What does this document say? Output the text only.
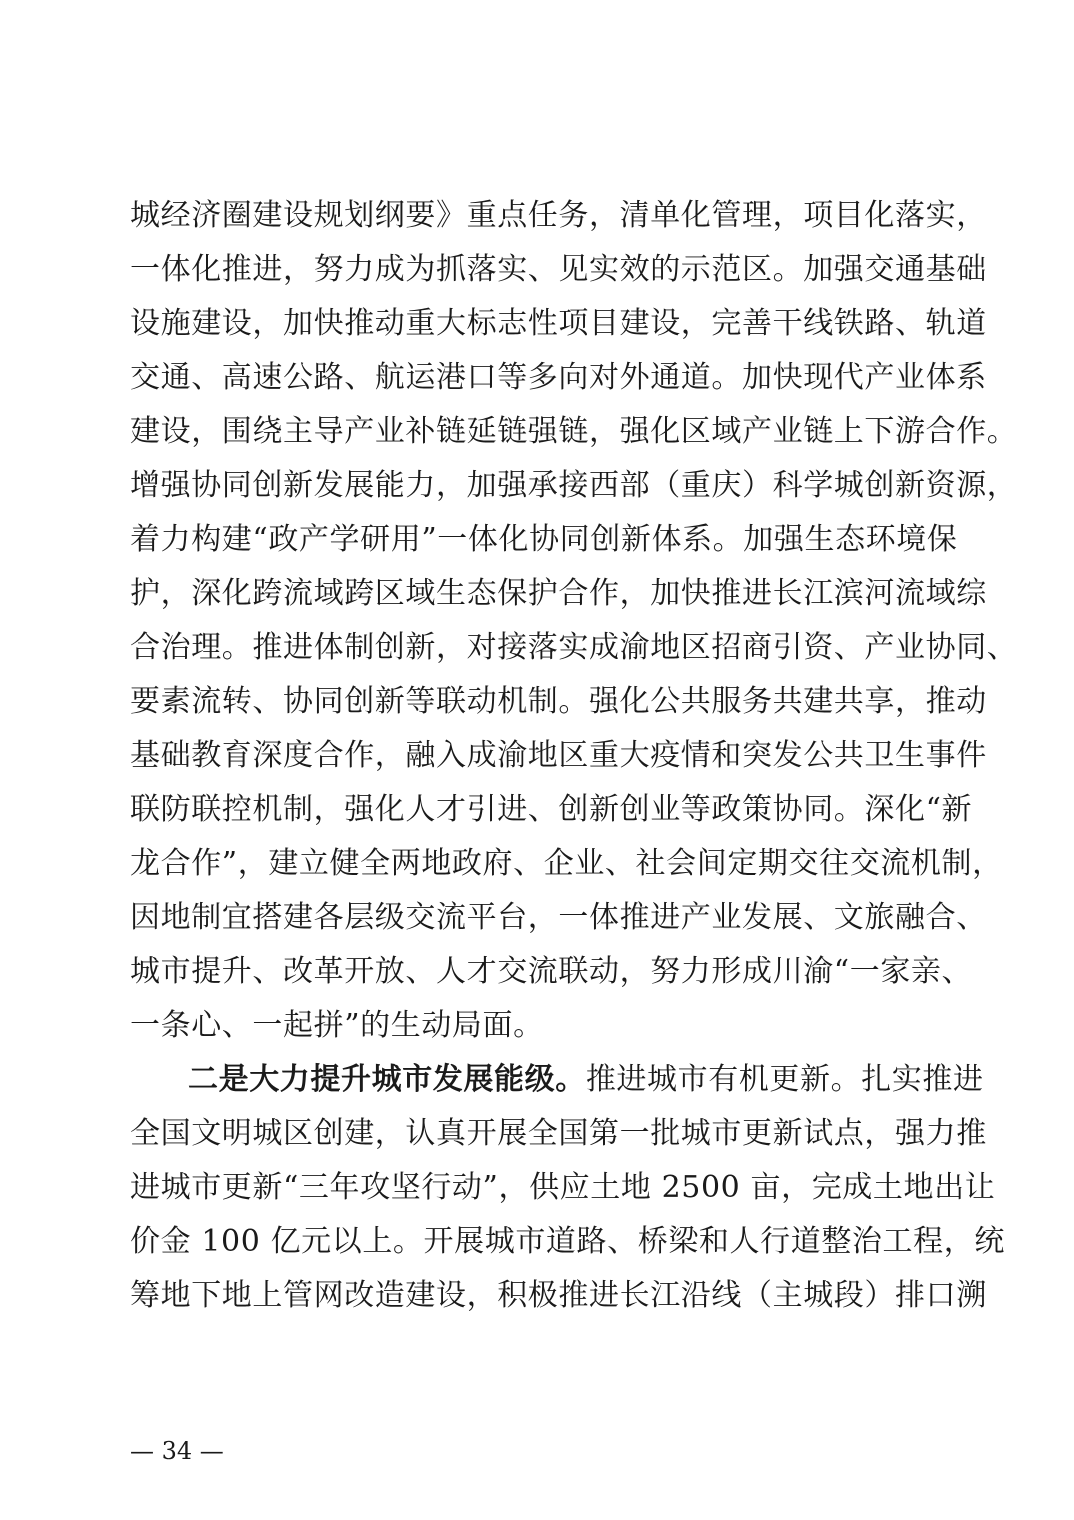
城经济圈建设规划纲要》重点任务，清单化管理，项目化落实，
一体化推进，努力成为抓落实、见实效的示范区。加强交通基础
设施建设，加快推动重大标志性项目建设，完善干线铁路、轨道
交通、高速公路、航运港口等多向对外通道。加快现代产业体系
建设，围绕主导产业补链延链强链，强化区域产业链上下游合作。
增强协同创新发展能力，加强承接西部（重庆）科学城创新资源，
着力构建“政产学研用”一体化协同创新体系。加强生态环境保
护，深化跨流域跨区域生态保护合作，加快推进长江滨河流域综
合治理。推进体制创新，对接落实成渝地区招商引资、产业协同、
要素流转、协同创新等联动机制。强化公共服务共建共享，推动
基础教育深度合作，融入成渝地区重大疫情和突发公共卫生事件
联防联控机制，强化人才引进、创新创业等政策协同。深化“新
龙合作”，建立健全两地政府、企业、社会间定期交往交流机制，
因地制宜搭建各层级交流平台，一体推进产业发展、文旅融合、
城市提升、改革开放、人才交流联动，努力形成川渝“一家亲、
一条心、一起拼”的生动局面。
二是大力提升城市发展能级。推进城市有机更新。扎实推进
全国文明城区创建，认真开展全国第一批城市更新试点，强力推
进城市更新“三年攻坚行动”，供应土地 2500 亩，完成土地出让
价金 100 亿元以上。开展城市道路、桥梁和人行道整治工程，统
筹地下地上管网改造建设，积极推进长江沿线（主城段）排口溯
— 34 —
